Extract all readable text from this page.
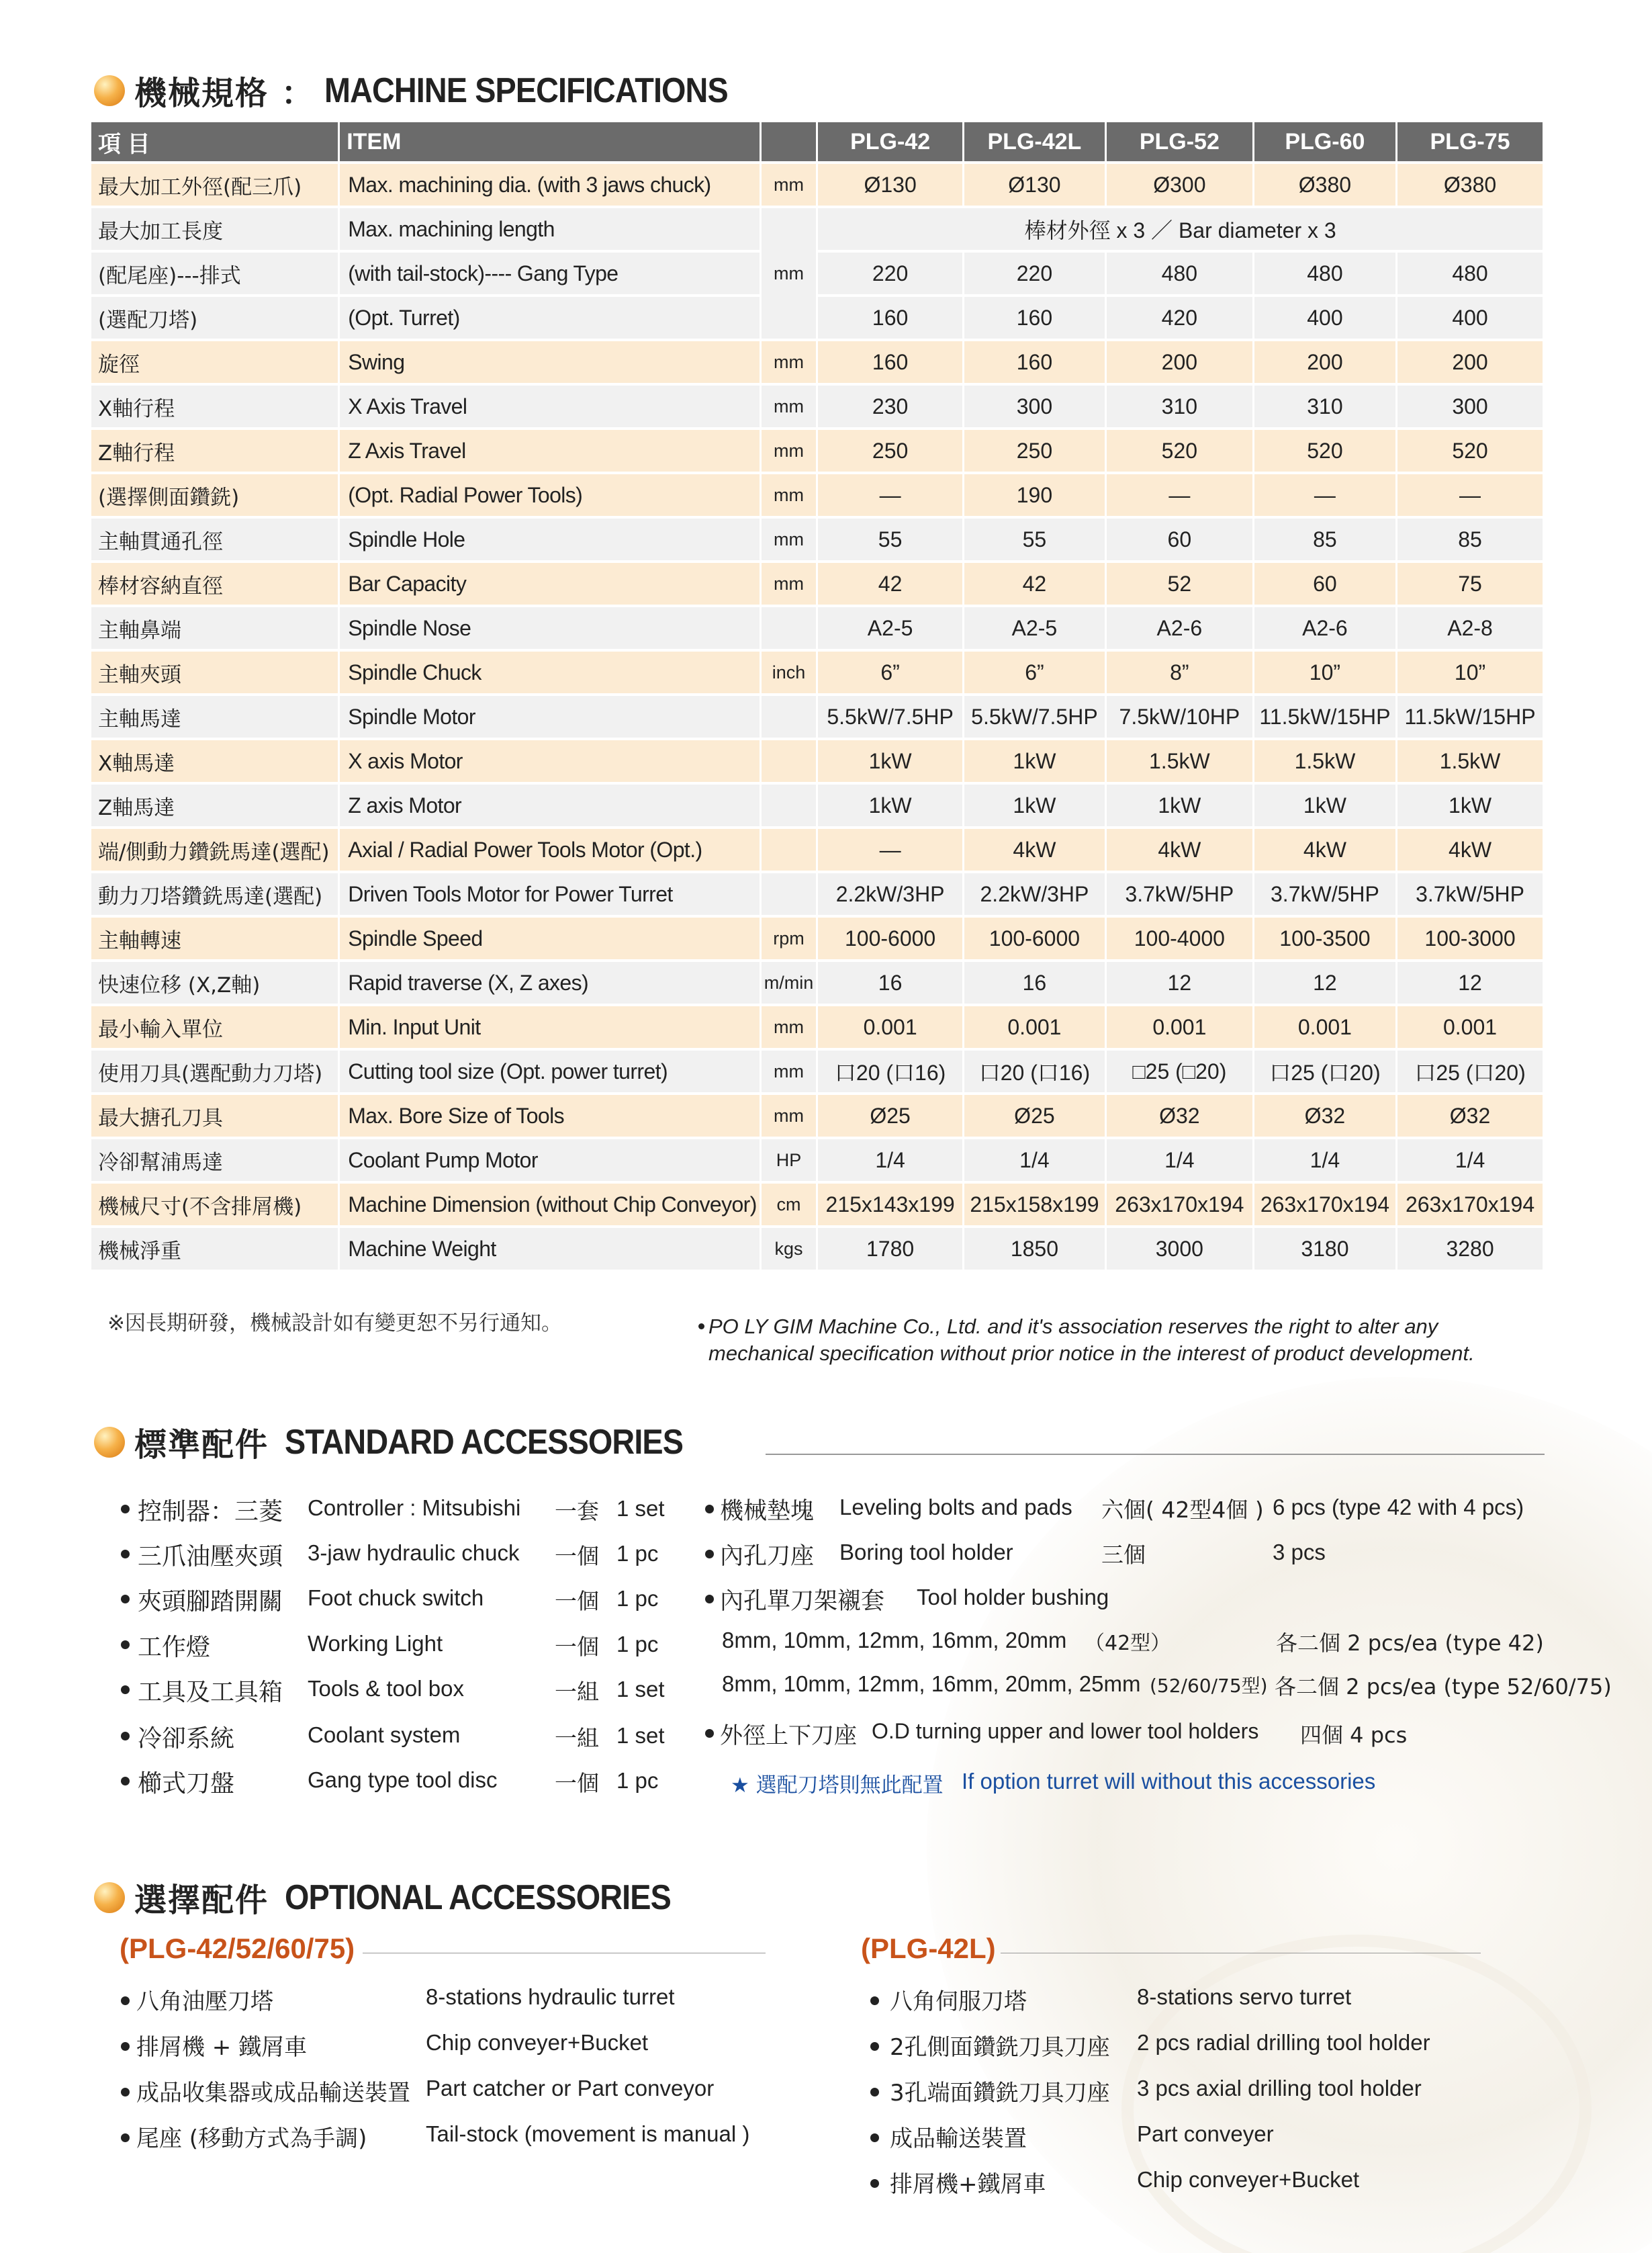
機械規格 ： MACHINE SPECIFICATIONS
項 目	ITEM		PLG-42	PLG-42L	PLG-52	PLG-60	PLG-75
最大加工外徑(配三爪)	Max. machining dia. (with 3 jaws chuck)	mm	Ø130	Ø130	Ø300	Ø380	Ø380
最大加工長度	Max. machining length	mm	棒材外徑 x 3 ／ Bar diameter x 3				
(配尾座)---排式	(with tail-stock)---- Gang Type		220	220	480	480	480
(選配刀塔)	(Opt. Turret)		160	160	420	400	400
旋徑	Swing	mm	160	160	200	200	200
X軸行程	X Axis Travel	mm	230	300	310	310	300
Z軸行程	Z Axis Travel	mm	250	250	520	520	520
(選擇側面鑽銑)	(Opt. Radial Power Tools)	mm	—	190	—	—	—
主軸貫通孔徑	Spindle Hole	mm	55	55	60	85	85
棒材容納直徑	Bar Capacity	mm	42	42	52	60	75
主軸鼻端	Spindle Nose		A2-5	A2-5	A2-6	A2-6	A2-8
主軸夾頭	Spindle Chuck	inch	6”	6”	8”	10”	10”
主軸馬達	Spindle Motor		5.5kW/7.5HP	5.5kW/7.5HP	7.5kW/10HP	11.5kW/15HP	11.5kW/15HP
X軸馬達	X axis Motor		1kW	1kW	1.5kW	1.5kW	1.5kW
Z軸馬達	Z axis Motor		1kW	1kW	1kW	1kW	1kW
端/側動力鑽銑馬達(選配)	Axial / Radial Power Tools Motor (Opt.)		—	4kW	4kW	4kW	4kW
動力刀塔鑽銑馬達(選配)	Driven Tools Motor for Power Turret		2.2kW/3HP	2.2kW/3HP	3.7kW/5HP	3.7kW/5HP	3.7kW/5HP
主軸轉速	Spindle Speed	rpm	100-6000	100-6000	100-4000	100-3500	100-3000
快速位移 (X,Z軸)	Rapid traverse (X, Z axes)	m/min	16	16	12	12	12
最小輸入單位	Min. Input Unit	mm	0.001	0.001	0.001	0.001	0.001
使用刀具(選配動力刀塔)	Cutting tool size (Opt. power turret)	mm	口20 (口16)	口20 (口16)	□25 (□20)	口25 (口20)	口25 (口20)
最大搪孔刀具	Max. Bore Size of Tools	mm	Ø25	Ø25	Ø32	Ø32	Ø32
冷卻幫浦馬達	Coolant Pump Motor	HP	1/4	1/4	1/4	1/4	1/4
機械尺寸(不含排屑機)	Machine Dimension (without Chip Conveyor)	cm	215x143x199	215x158x199	263x170x194	263x170x194	263x170x194
機械淨重	Machine Weight	kgs	1780	1850	3000	3180	3280
※因長期研發，機械設計如有變更恕不另行通知。	PO LY GIM Machine Co., Ltd. and it's association reserves the right to alter any
mechanical specification without prior notice in the interest of product development.
標準配件 STANDARD ACCESSORIES
控制器：三菱 Controller : Mitsubishi 一套 1 set
三爪油壓夾頭 3-jaw hydraulic chuck 一個 1 pc
夾頭腳踏開關 Foot chuck switch	一個 1 pc
工作燈	Working Light	一個 1 pc
工具及工具箱 Tools & tool box	一組 1 set
冷卻系統	Coolant system	一組 1 set
櫛式刀盤	Gang type tool disc	一個 1 pc
機械墊塊 Leveling bolts and pads 六個( 42型4個 ) 6 pcs (type 42 with 4 pcs)
內孔刀座 Boring tool holder	三個	3 pcs
內孔單刀架襯套 Tool holder bushing
8mm, 10mm, 12mm, 16mm, 20mm （42型）	各二個 2 pcs/ea (type 42)
8mm, 10mm, 12mm, 16mm, 20mm, 25mm (52/60/75型) 各二個 2 pcs/ea (type 52/60/75)
外徑上下刀座 O.D turning upper and lower tool holders 四個 4 pcs
★ 選配刀塔則無此配置 If option turret will without this accessories
選擇配件 OPTIONAL ACCESSORIES
(PLG-42/52/60/75)	(PLG-42L)
八角油壓刀塔	8-stations hydraulic turret
排屑機 + 鐵屑車	Chip conveyer+Bucket
成品收集器或成品輸送裝置 Part catcher or Part conveyor
尾座 (移動方式為手調)	Tail-stock (movement is manual )
八角伺服刀塔	8-stations servo turret
2孔側面鑽銑刀具刀座 2 pcs radial drilling tool holder
3孔端面鑽銑刀具刀座 3 pcs axial drilling tool holder
成品輸送裝置	Part conveyer
排屑機+鐵屑車	Chip conveyer+Bucket
